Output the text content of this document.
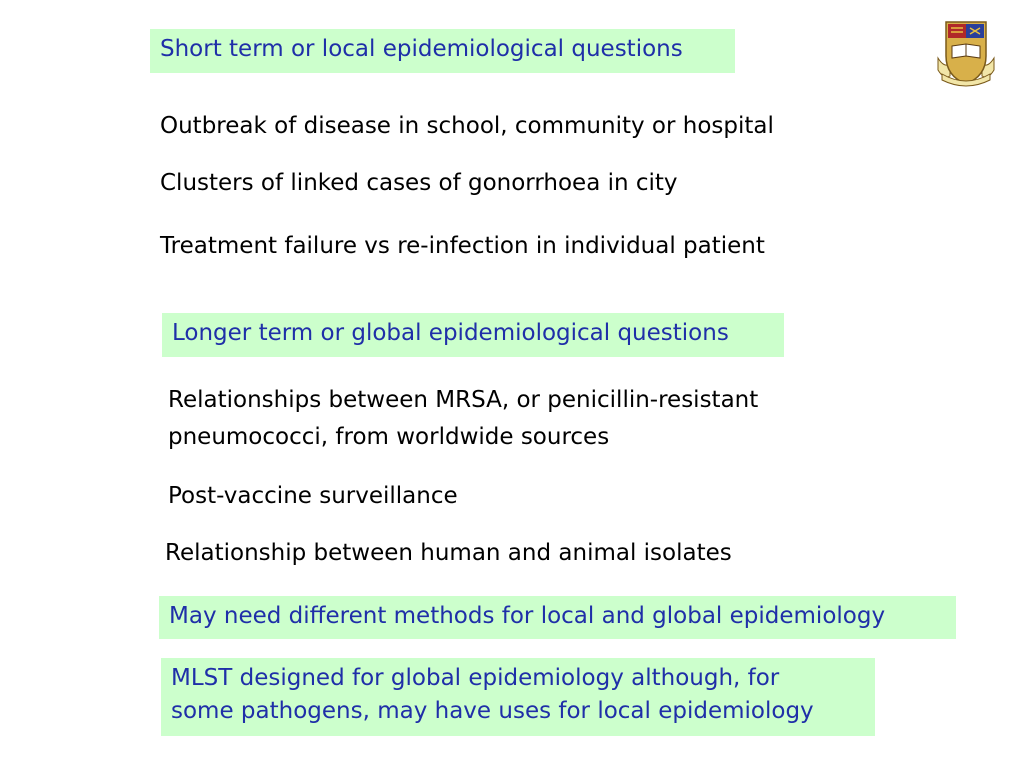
Short term or local epidemiological questions
Outbreak of disease in school, community or hospital
Clusters of linked cases of gonorrhoea in city
Treatment failure vs re-infection in individual patient
Longer term or global epidemiological questions
Relationships between MRSA, or penicillin-resistant
pneumococci, from worldwide sources
Post-vaccine surveillance
Relationship between human and animal isolates
May need different methods for local and global epidemiology
MLST designed for global epidemiology although, for
some pathogens, may have uses for local epidemiology
